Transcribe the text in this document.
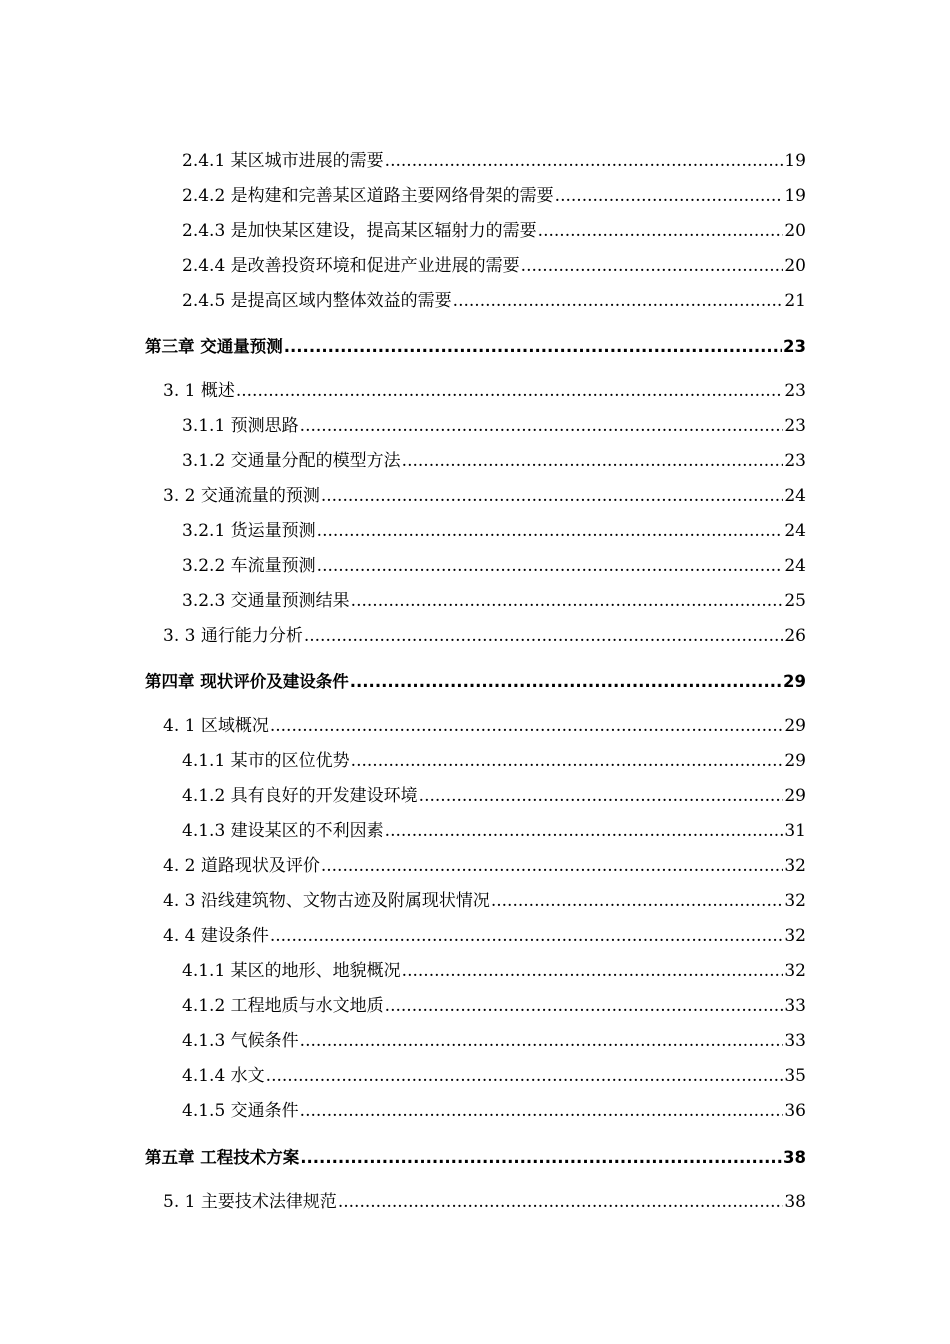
2.4.1 某区城市进展的需要 .....	19
2.4.2 是构建和完善某区道路主要网络骨架的需要 .....	19
2.4.3 是加快某区建设，提高某区辐射力的需要 .....	20
2.4.4 是改善投资环境和促进产业进展的需要 .....	20
2.4.5 是提高区域内整体效益的需要 .....	21
第三章 交通量预测 .....	23
3. 1 概述 .....	23
3.1.1 预测思路 .....	23
3.1.2 交通量分配的模型方法 .....	23
3. 2 交通流量的预测 .....	24
3.2.1 货运量预测 .....	24
3.2.2 车流量预测 .....	24
3.2.3 交通量预测结果 .....	25
3. 3 通行能力分析 .....	26
第四章 现状评价及建设条件 .....	29
4. 1 区域概况 .....	29
4.1.1 某市的区位优势 .....	29
4.1.2 具有良好的开发建设环境 .....	29
4.1.3 建设某区的不利因素 .....	31
4. 2 道路现状及评价 .....	32
4. 3 沿线建筑物、文物古迹及附属现状情况 .....	32
4. 4 建设条件 .....	32
4.1.1 某区的地形、地貌概况 .....	32
4.1.2 工程地质与水文地质 .....	33
4.1.3 气候条件 .....	33
4.1.4 水文 .....	35
4.1.5 交通条件 .....	36
第五章 工程技术方案 .....	38
5. 1 主要技术法律规范 .....	38
